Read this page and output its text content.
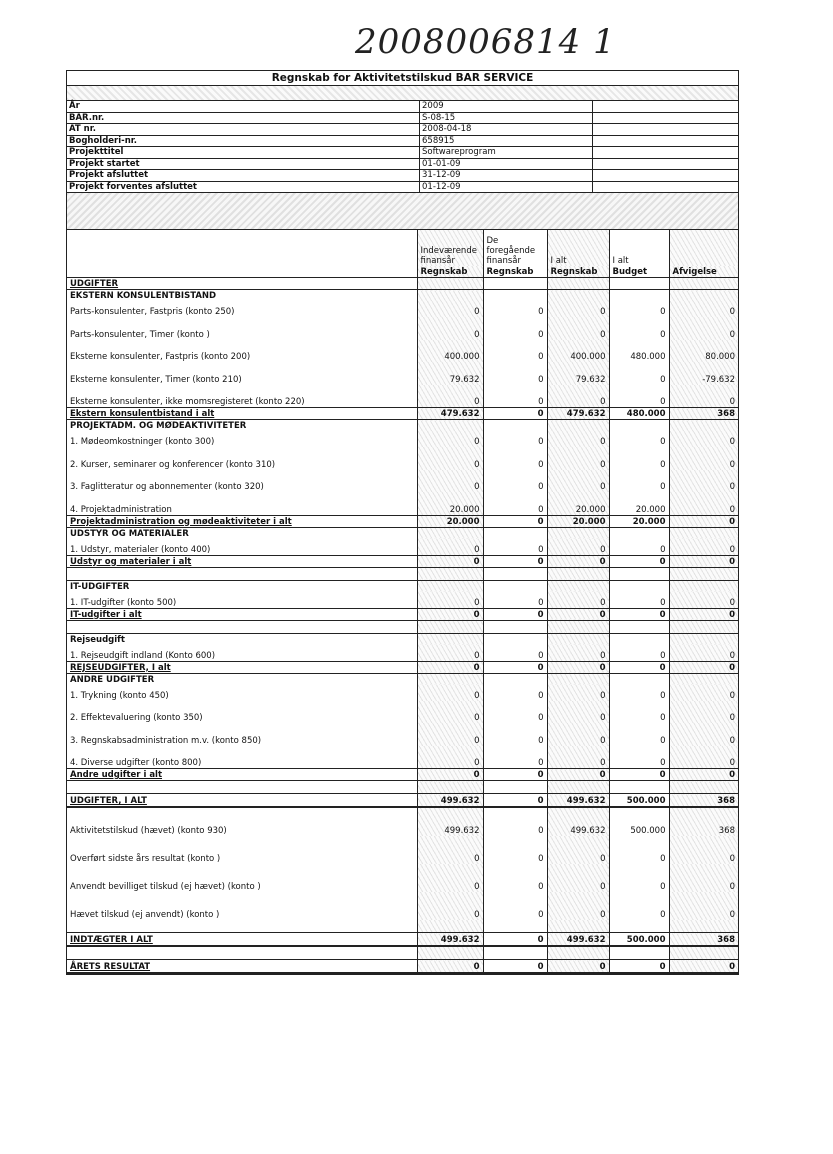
2008006814 1
Regnskab for Aktivitetstilskud BAR SERVICE
År	2009
BAR.nr.	S-08-15
AT nr.	2008-04-18
Bogholderi-nr.	658915
Projekttitel	Softwareprogram
Projekt startet	01-01-09
Projekt afsluttet	31-12-09
Projekt forventes afsluttet	01-12-09
	Indeværende finansår	De foregående finansår	I alt	I alt	
	Regnskab	Regnskab	Regnskab	Budget	Afvigelse
UDGIFTER					
EKSTERN KONSULENTBISTAND					
Parts-konsulenter, Fastpris (konto 250)	0	0	0	0	0
Parts-konsulenter, Timer (konto )	0	0	0	0	0
Eksterne konsulenter, Fastpris (konto 200)	400.000	0	400.000	480.000	80.000
Eksterne konsulenter, Timer (konto 210)	79.632	0	79.632	0	-79.632
Eksterne konsulenter, ikke momsregisteret (konto 220)	0	0	0	0	0
Ekstern konsulentbistand i alt	479.632	0	479.632	480.000	368
PROJEKTADM. OG MØDEAKTIVITETER					
1. Mødeomkostninger (konto 300)	0	0	0	0	0
2. Kurser, seminarer og konferencer (konto 310)	0	0	0	0	0
3. Faglitteratur og abonnementer (konto 320)	0	0	0	0	0
4. Projektadministration	20.000	0	20.000	20.000	0
Projektadministration og mødeaktiviteter i alt	20.000	0	20.000	20.000	0
UDSTYR OG MATERIALER					
1. Udstyr, materialer (konto 400)	0	0	0	0	0
Udstyr og materialer i alt	0	0	0	0	0

IT-UDGIFTER					
1. IT-udgifter (konto 500)	0	0	0	0	0
IT-udgifter i alt	0	0	0	0	0

Rejseudgift					
1. Rejseudgift indland (Konto 600)	0	0	0	0	0
REJSEUDGIFTER, I alt	0	0	0	0	0
ANDRE UDGIFTER					
1. Trykning (konto 450)	0	0	0	0	0
2. Effektevaluering (konto 350)	0	0	0	0	0
3. Regnskabsadministration m.v. (konto 850)	0	0	0	0	0
4. Diverse udgifter (konto 800)	0	0	0	0	0
Andre udgifter i alt	0	0	0	0	0

UDGIFTER, I ALT	499.632	0	499.632	500.000	368
Aktivitetstilskud (hævet) (konto 930)	499.632	0	499.632	500.000	368
Overført sidste års resultat (konto )	0	0	0	0	0
Anvendt bevilliget tilskud (ej hævet) (konto )	0	0	0	0	0
Hævet tilskud (ej anvendt) (konto )	0	0	0	0	0

INDTÆGTER I ALT	499.632	0	499.632	500.000	368

ÅRETS RESULTAT	0	0	0	0	0
